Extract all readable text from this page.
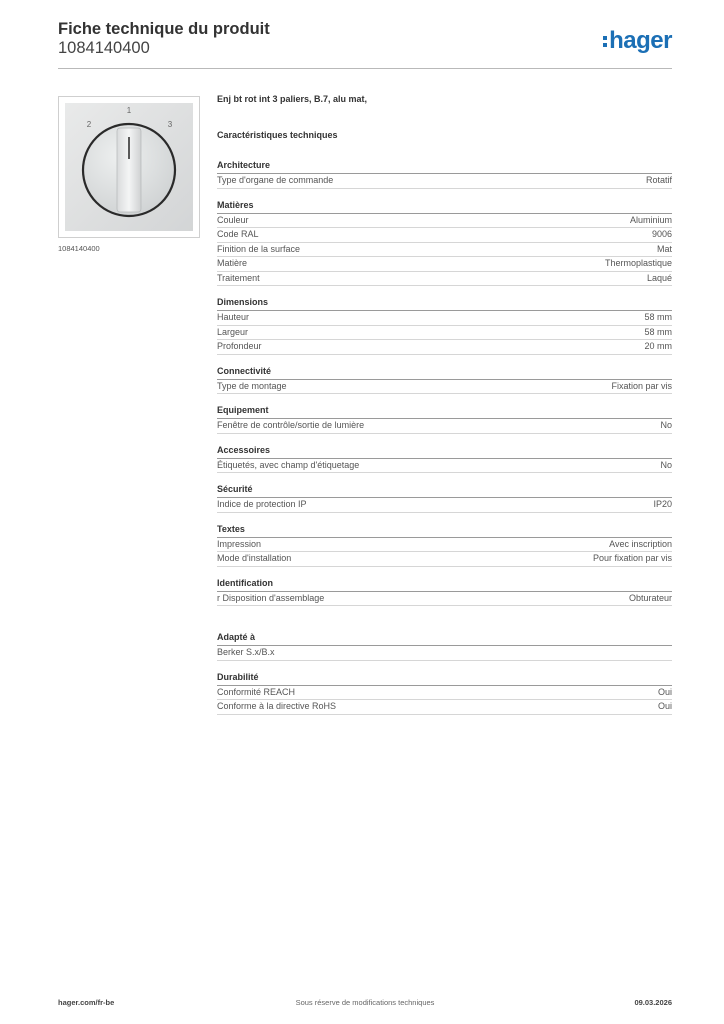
Fiche technique du produit
1084140400	hager
1
2	3
1084140400
Enj bt rot int 3 paliers, B.7, alu mat,
Caractéristiques techniques
Architecture
Type d'organe de commande	Rotatif
Matières
Couleur	Aluminium
Code RAL	9006
Finition de la surface	Mat
Matière	Thermoplastique
Traitement	Laqué
Dimensions
Hauteur	58 mm
Largeur	58 mm
Profondeur	20 mm
Connectivité
Type de montage	Fixation par vis
Equipement
Fenêtre de contrôle/sortie de lumière	No
Accessoires
Étiquetés, avec champ d'étiquetage	No
Sécurité
Indice de protection IP	IP20
Textes
Impression	Avec inscription
Mode d'installation	Pour fixation par vis
Identification
r Disposition d'assemblage	Obturateur
Adapté à
Berker S.x/B.x
Durabilité
Conformité REACH	Oui
Conforme à la directive RoHS	Oui
hager.com/fr-be	Sous réserve de modifications techniques	09.03.2026
